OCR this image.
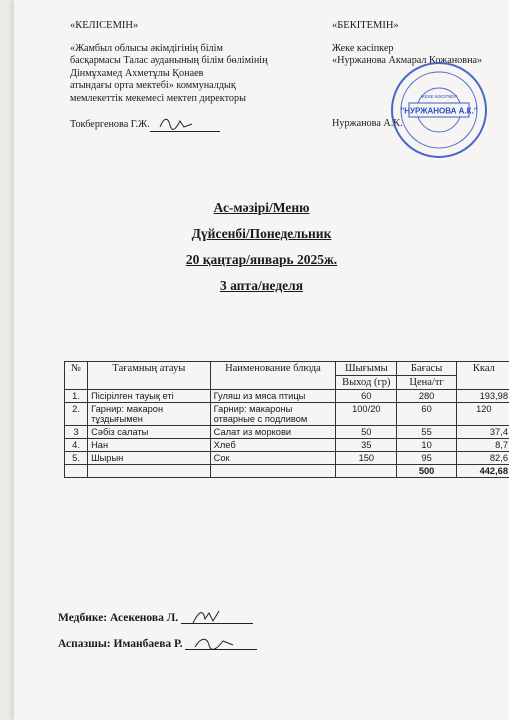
«КЕЛІСЕМІН»
«Жамбыл облысы әкімдігінің білім
басқармасы Талас ауданының білім бөлімінің
Дінмұхамед Ахметұлы Қонаев
атындағы орта мектебі» коммуналдық
мемлекеттік мекемесі мектеп директоры
Токбергенова Г.Ж.
«БЕКІТЕМІН»
Жеке кәсіпкер
«Нуржанова Акмарал Кожановна»
Нуржанова А.К.
"НУРЖАНОВА А.К."
ЖЕКЕ КӘСІПКЕР
Ас-мәзірі/Меню
Дүйсенбі/Понедельник
20 қаңтар/январь 2025ж.
3 апта/неделя
№	Тағамның атауы	Наименование блюда	Шығымы	Бағасы	Ккал
			Выход (гр)	Цена/тг	
1.	Пісірілген тауық еті	Гуляш из мяса птицы	60	280	193,98
2.	Гарнир: макарон тұздығымен	Гарнир: макароны отварные с подливом	100/20	60	120
3	Сәбіз салаты	Салат из моркови	50	55	37,4
4.	Нан	Хлеб	35	10	8,7
5.	Шырын	Сок	150	95	82,6
				500	442,68
Медбике: Асекенова Л.
Аспазшы: Иманбаева Р.
